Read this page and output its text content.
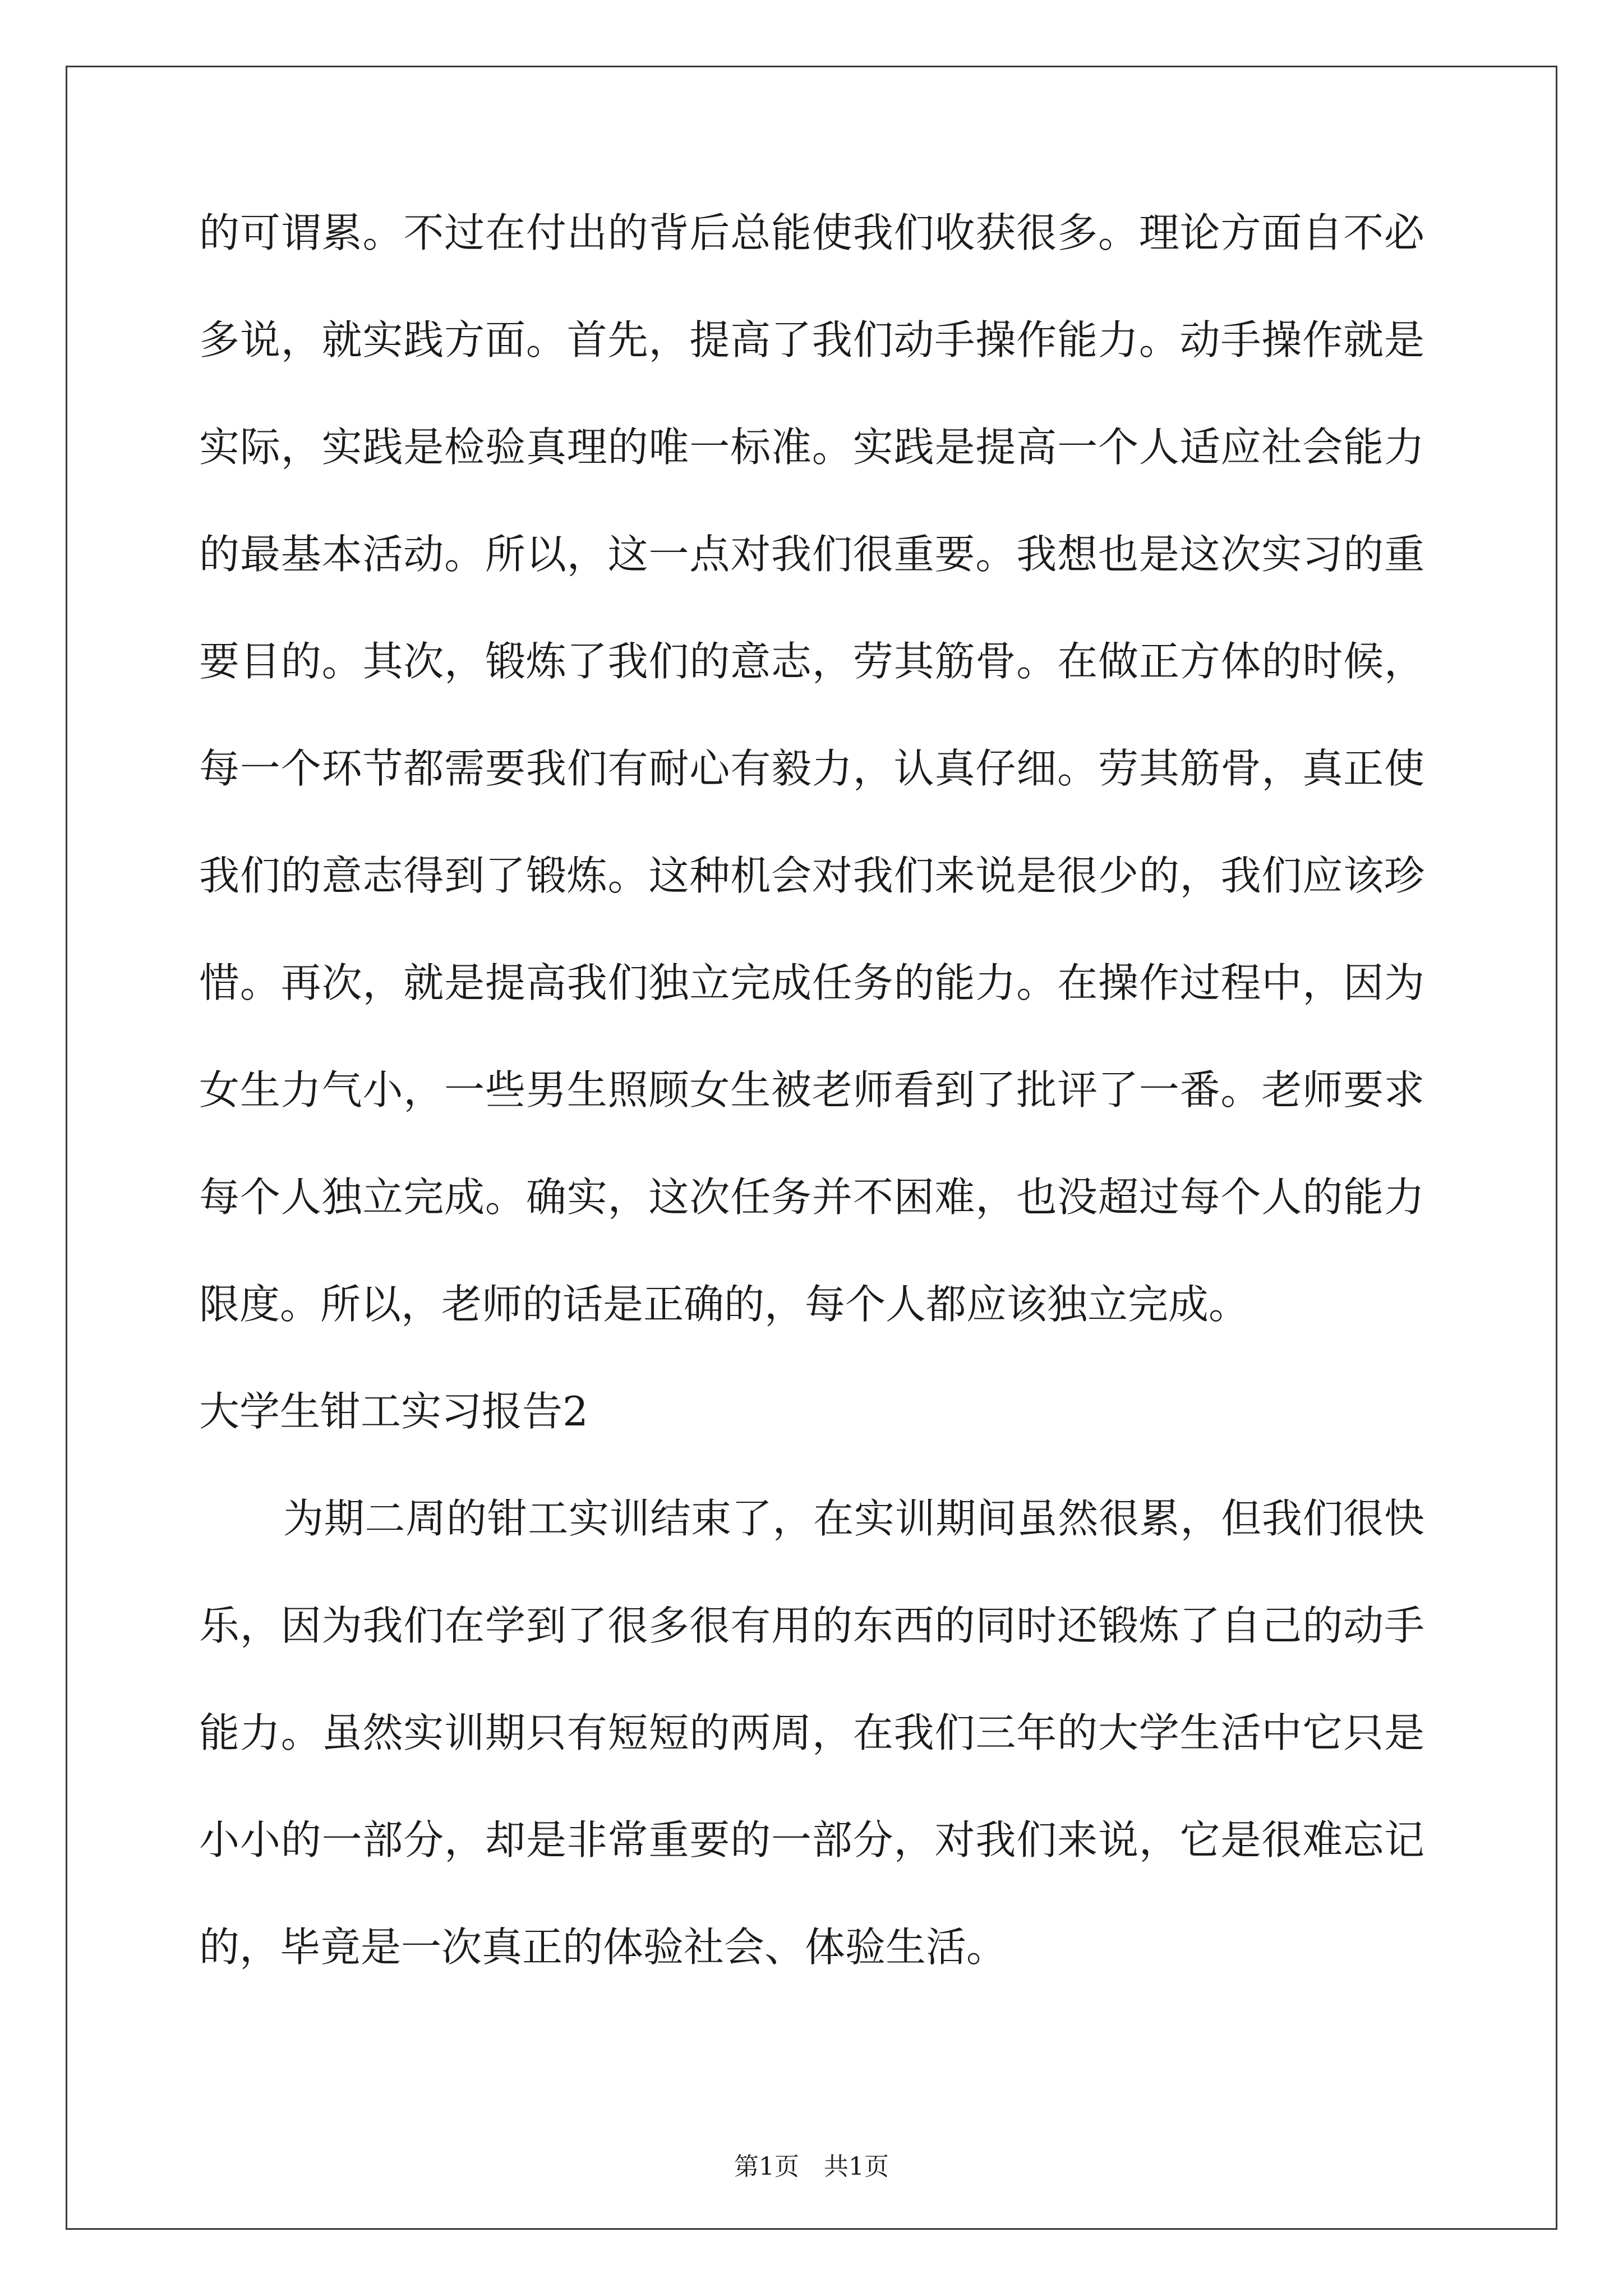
的可谓累。不过在付出的背后总能使我们收获很多。理论方面自不必
多说，就实践方面。首先，提高了我们动手操作能力。动手操作就是
实际，实践是检验真理的唯一标准。实践是提高一个人适应社会能力
的最基本活动。所以，这一点对我们很重要。我想也是这次实习的重
要目的。其次，锻炼了我们的意志，劳其筋骨。在做正方体的时候，
每一个环节都需要我们有耐心有毅力，认真仔细。劳其筋骨，真正使
我们的意志得到了锻炼。这种机会对我们来说是很少的，我们应该珍
惜。再次，就是提高我们独立完成任务的能力。在操作过程中，因为
女生力气小，一些男生照顾女生被老师看到了批评了一番。老师要求
每个人独立完成。确实，这次任务并不困难，也没超过每个人的能力
限度。所以，老师的话是正确的，每个人都应该独立完成。
大学生钳工实习报告2
为期二周的钳工实训结束了，在实训期间虽然很累，但我们很快
乐，因为我们在学到了很多很有用的东西的同时还锻炼了自己的动手
能力。虽然实训期只有短短的两周，在我们三年的大学生活中它只是
小小的一部分，却是非常重要的一部分，对我们来说，它是很难忘记
的，毕竟是一次真正的体验社会、体验生活。
第1页　共1页
